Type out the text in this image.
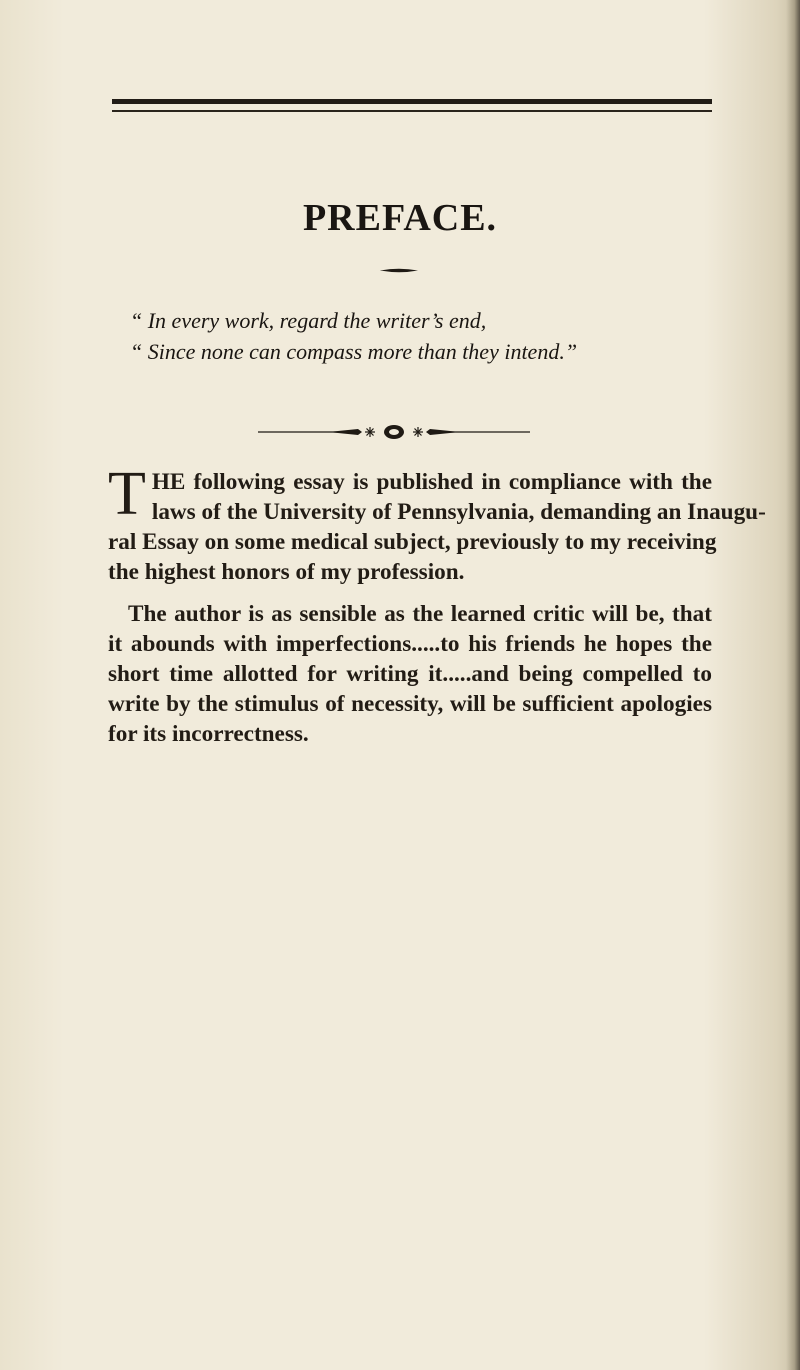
PREFACE.
“ In every work, regard the writer’s end,
“ Since none can compass more than they intend.”
T HE following essay is published in compliance with the
laws of the University of Pennsylvania, demanding an Inaugu-
ral Essay on some medical subject, previously to my receiving
the highest honors of my profession.
The author is as sensible as the learned critic will be, that
it abounds with imperfections.....to his friends he hopes the
short time allotted for writing it.....and being compelled to
write by the stimulus of necessity, will be sufficient apologies
for its incorrectness.
